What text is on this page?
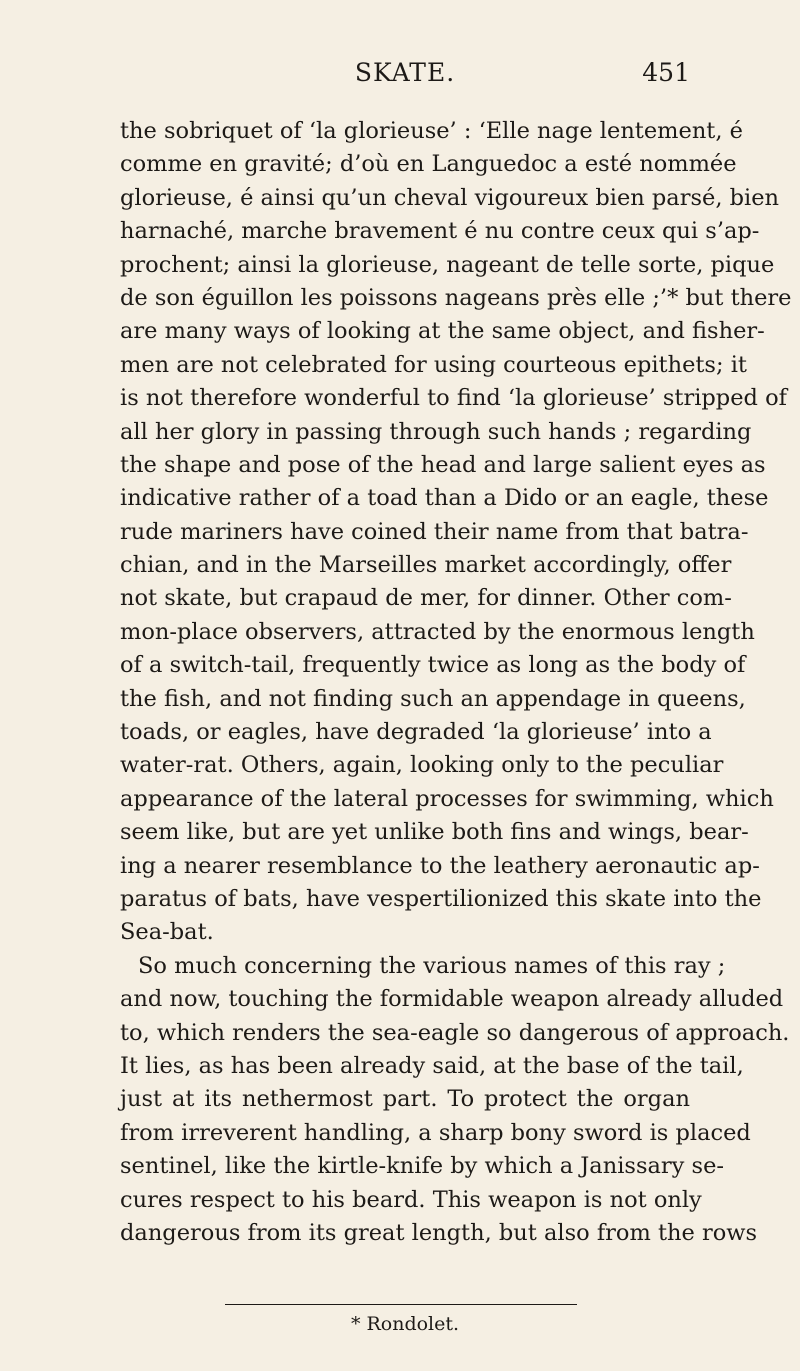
SKATE.	451
the sobriquet of ‘la glorieuse’ : ‘Elle nage lentement, é
comme en gravité; d’où en Languedoc a esté nommée
glorieuse, é ainsi qu’un cheval vigoureux bien parsé, bien
harnaché, marche bravement é nu contre ceux qui s’ap-
prochent; ainsi la glorieuse, nageant de telle sorte, pique
de son éguillon les poissons nageans près elle ;’* but there
are many ways of looking at the same object, and fisher-
men are not celebrated for using courteous epithets; it
is not therefore wonderful to find ‘la glorieuse’ stripped of
all her glory in passing through such hands ; regarding
the shape and pose of the head and large salient eyes as
indicative rather of a toad than a Dido or an eagle, these
rude mariners have coined their name from that batra-
chian, and in the Marseilles market accordingly, offer
not skate, but crapaud de mer, for dinner. Other com-
mon-place observers, attracted by the enormous length
of a switch-tail, frequently twice as long as the body of
the fish, and not finding such an appendage in queens,
toads, or eagles, have degraded ‘la glorieuse’ into a
water-rat. Others, again, looking only to the peculiar
appearance of the lateral processes for swimming, which
seem like, but are yet unlike both fins and wings, bear-
ing a nearer resemblance to the leathery aeronautic ap-
paratus of bats, have vespertilionized this skate into the
Sea-bat.
So much concerning the various names of this ray ;
and now, touching the formidable weapon already alluded
to, which renders the sea-eagle so dangerous of approach.
It lies, as has been already said, at the base of the tail,
just at its nethermost part. To protect the organ
from irreverent handling, a sharp bony sword is placed
sentinel, like the kirtle-knife by which a Janissary se-
cures respect to his beard. This weapon is not only
dangerous from its great length, but also from the rows
* Rondolet.
